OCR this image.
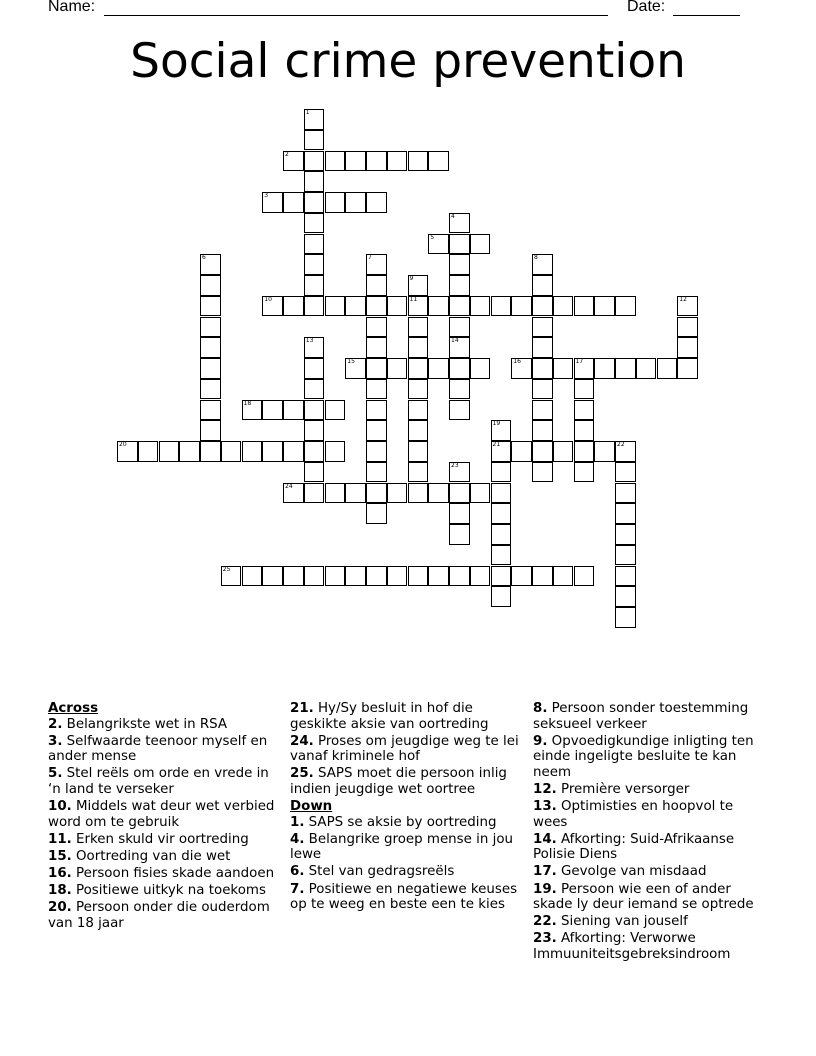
Name:	Date:
Social crime prevention
1
2
3
4
14
5
6	7	8
9
11
10	12
13
15	16	17
18
19
21
20	22
23
24
25
Across
2. Belangrikste wet in RSA
3. Selfwaarde teenoor myself en ander mense
5. Stel reëls om orde en vrede in ‘n land te verseker
10. Middels wat deur wet verbied word om te gebruik
11. Erken skuld vir oortreding
15. Oortreding van die wet
16. Persoon fisies skade aandoen
18. Positiewe uitkyk na toekoms
20. Persoon onder die ouderdom van 18 jaar
21. Hy/Sy besluit in hof die geskikte aksie van oortreding
24. Proses om jeugdige weg te lei vanaf kriminele hof
25. SAPS moet die persoon inlig indien jeugdige wet oortree
Down
1. SAPS se aksie by oortreding
4. Belangrike groep mense in jou lewe
6. Stel van gedragsreëls
7. Positiewe en negatiewe keuses op te weeg en beste een te kies
8. Persoon sonder toestemming seksueel verkeer
9. Opvoedigkundige inligting ten einde ingeligte besluite te kan neem
12. Première versorger
13. Optimisties en hoopvol te wees
14. Afkorting: Suid-Afrikaanse Polisie Diens
17. Gevolge van misdaad
19. Persoon wie een of ander skade ly deur iemand se optrede
22. Siening van jouself
23. Afkorting: Verworwe Immuuniteitsgebreksindroom
